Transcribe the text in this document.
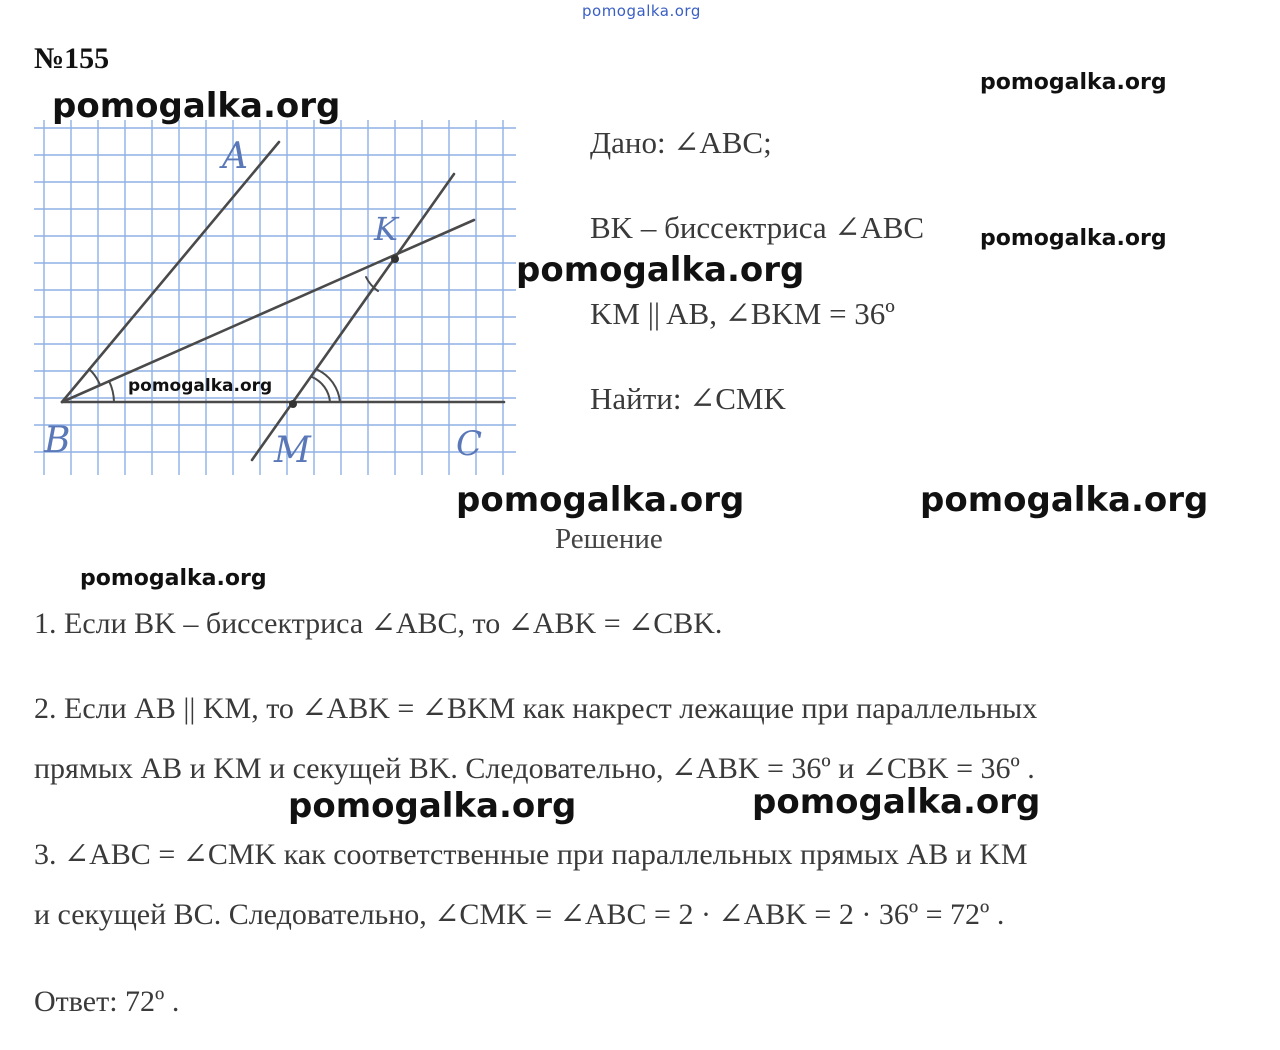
pomogalka.org
№155
A
K
B	M	C
pomogalka.org
pomogalka.org
pomogalka.org
pomogalka.org
pomogalka.org
pomogalka.org	pomogalka.org
pomogalka.org
pomogalka.org	pomogalka.org
Дано: ∠ABC;
BK – биссектриса ∠ABC
KM || AB, ∠BKM = 36º
Найти: ∠CMK
Решение
1. Если BK – биссектриса ∠ABC, то ∠ABK = ∠CBK.
2. Если AB || KM, то ∠ABK = ∠BKM как накрест лежащие при параллельных
прямых AB и KM и секущей BK. Следовательно, ∠ABK = 36º и ∠CBK = 36º .
3. ∠ABC = ∠CMK как соответственные при параллельных прямых AB и KM
и секущей BC. Следовательно, ∠CMK = ∠ABC = 2 · ∠ABK = 2 · 36º = 72º .
Ответ: 72º .
